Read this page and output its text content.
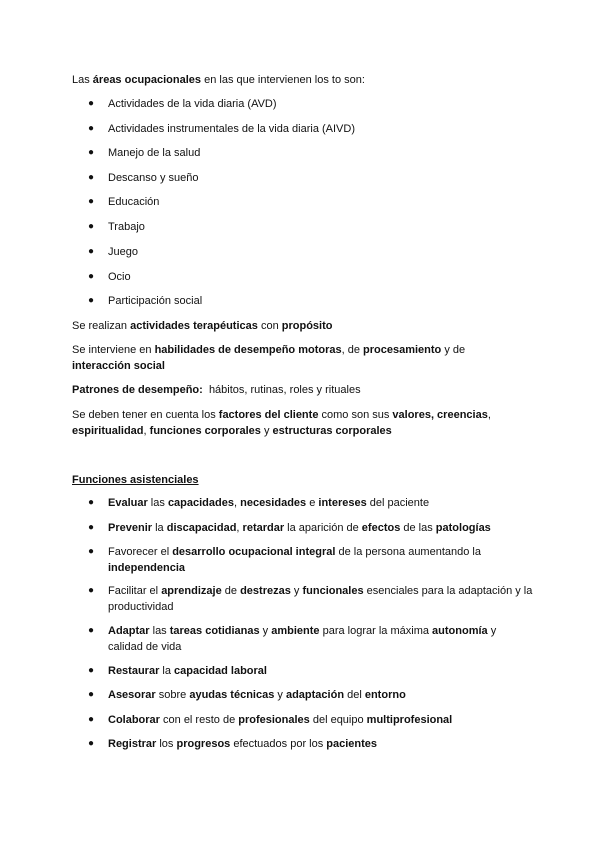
Las áreas ocupacionales en las que intervienen los to son:
● Actividades de la vida diaria (AVD)
● Actividades instrumentales de la vida diaria (AIVD)
● Manejo de la salud
● Descanso y sueño
● Educación
● Trabajo
● Juego
● Ocio
● Participación social
Se realizan actividades terapéuticas con propósito
Se interviene en habilidades de desempeño motoras, de procesamiento y de interacción social
Patrones de desempeño:  hábitos, rutinas, roles y rituales
Se deben tener en cuenta los factores del cliente como son sus valores, creencias, espiritualidad, funciones corporales y estructuras corporales
Funciones asistenciales
● Evaluar las capacidades, necesidades e intereses del paciente
● Prevenir la discapacidad, retardar la aparición de efectos de las patologías
● Favorecer el desarrollo ocupacional integral de la persona aumentando la independencia
● Facilitar el aprendizaje de destrezas y funcionales esenciales para la adaptación y la productividad
● Adaptar las tareas cotidianas y ambiente para lograr la máxima autonomía y calidad de vida
● Restaurar la capacidad laboral
● Asesorar sobre ayudas técnicas y adaptación del entorno
● Colaborar con el resto de profesionales del equipo multiprofesional
● Registrar los progresos efectuados por los pacientes
